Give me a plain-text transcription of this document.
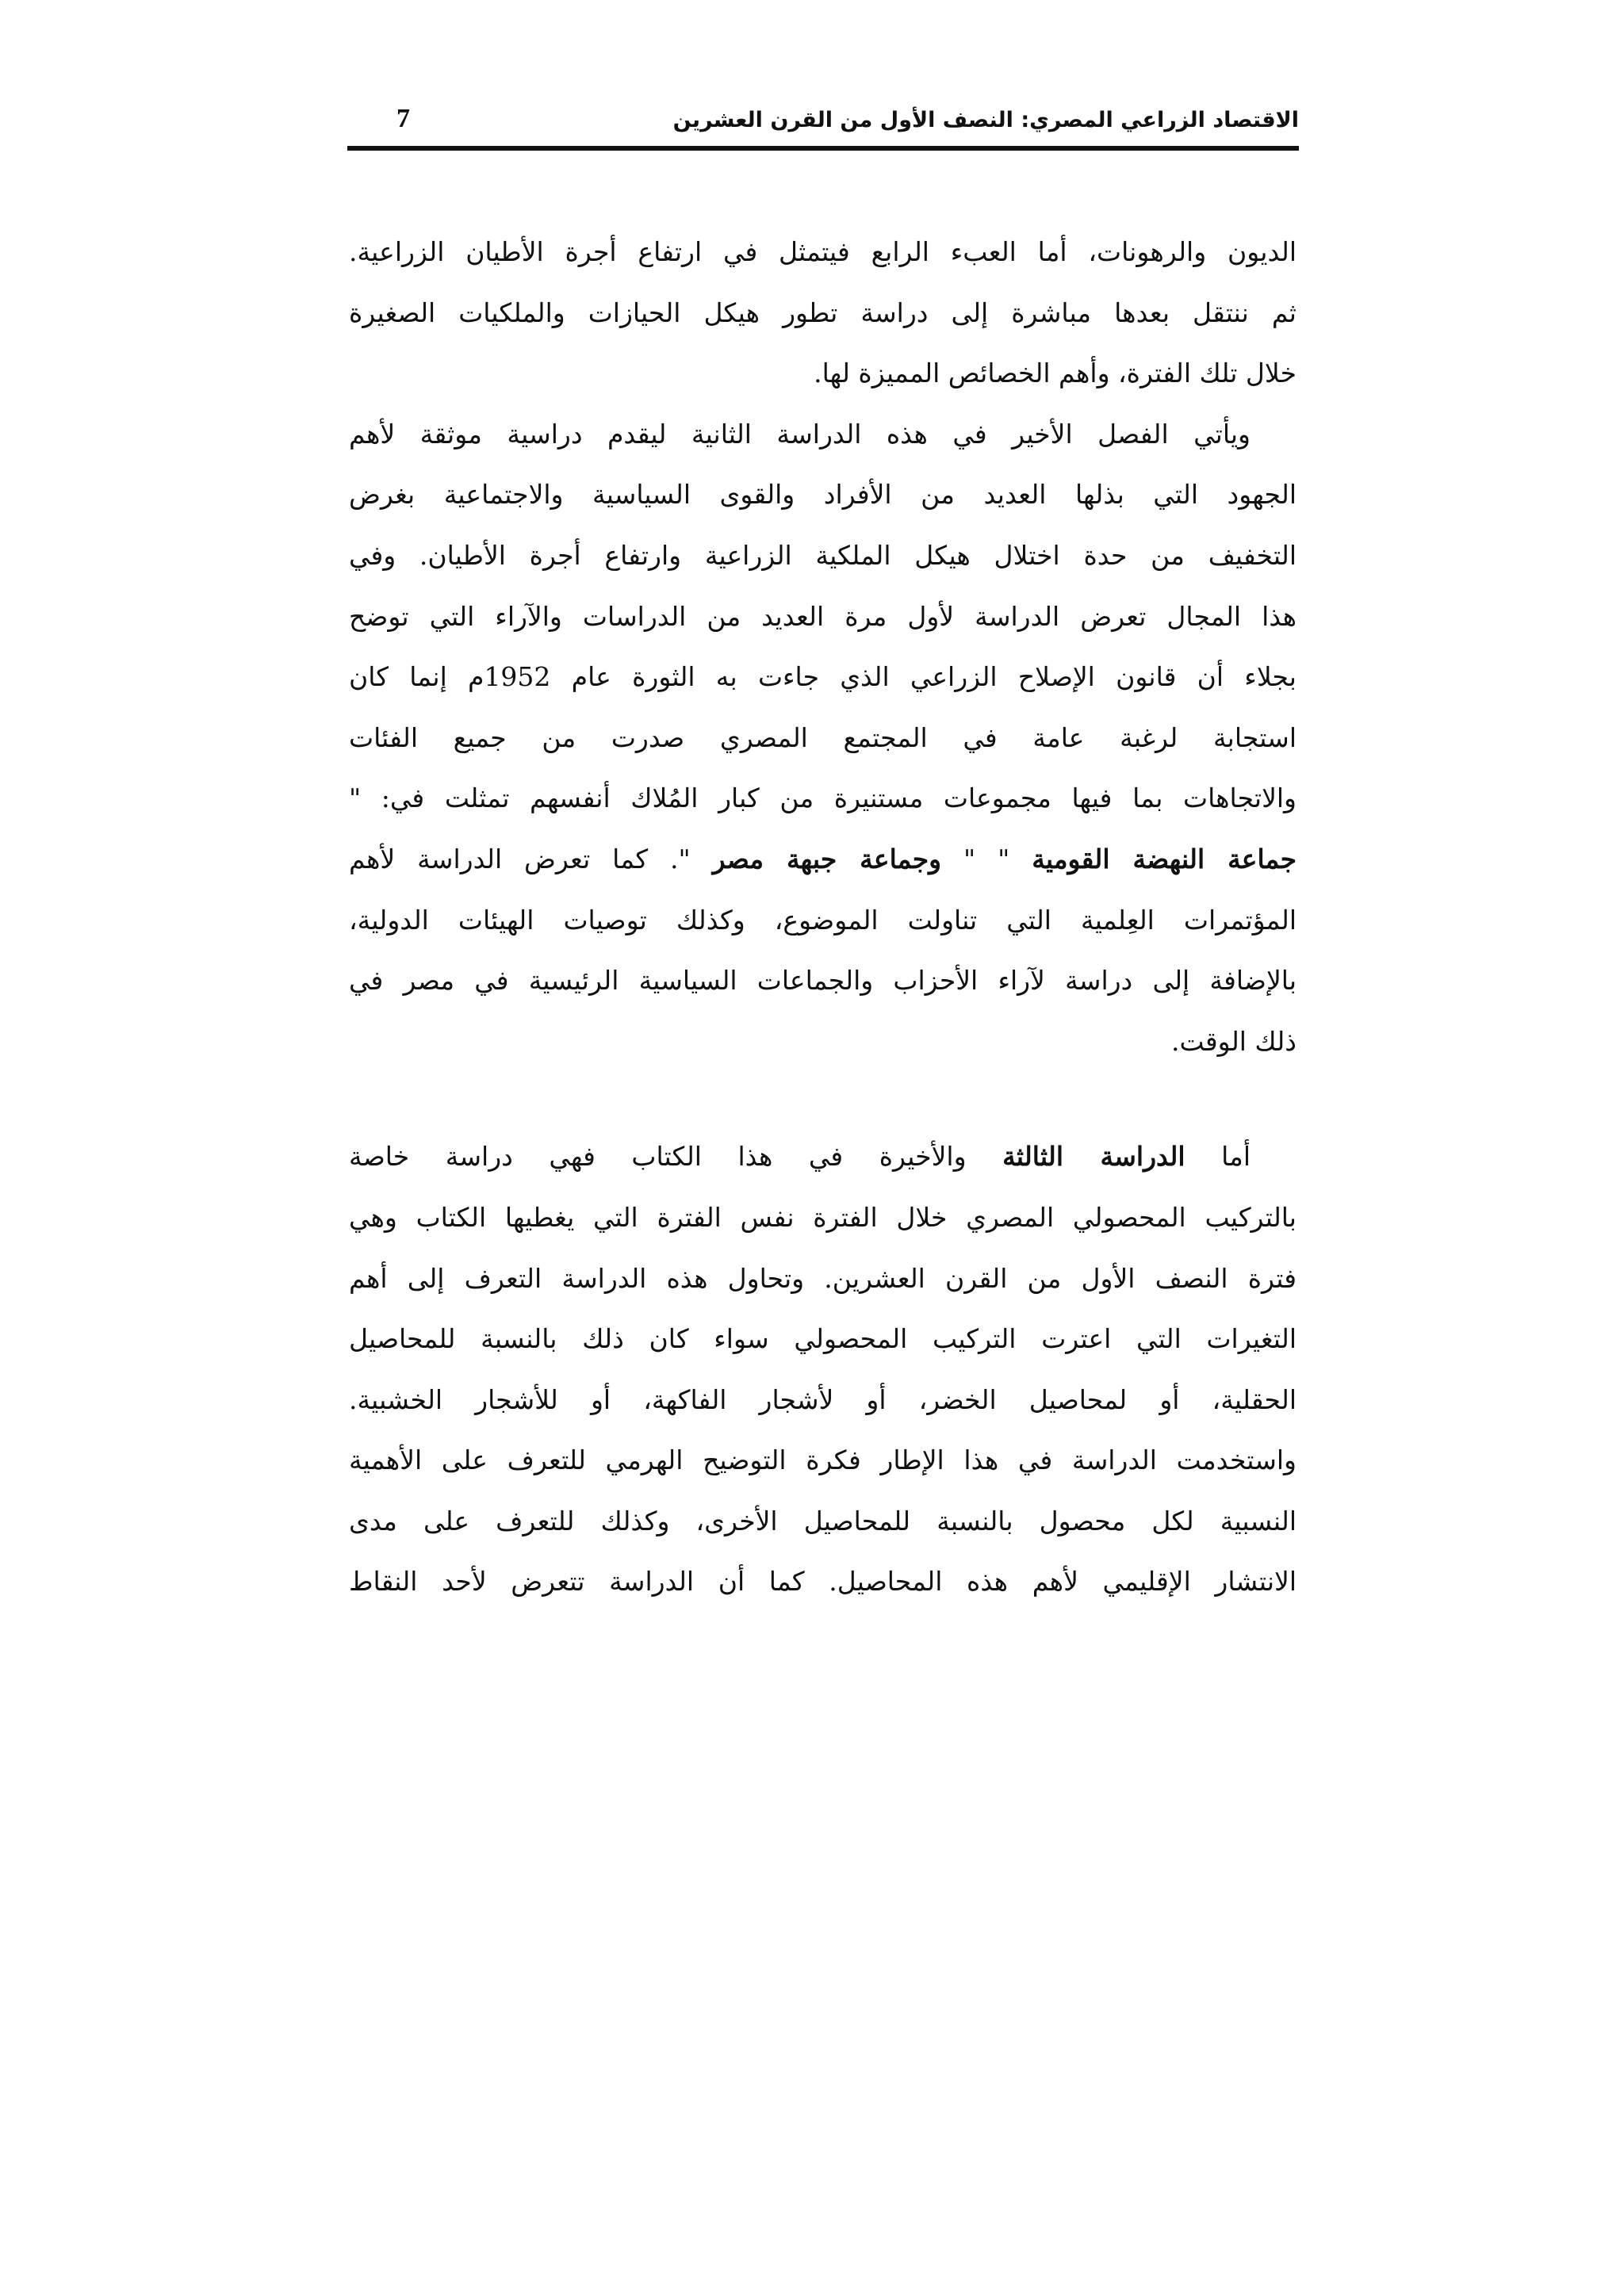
الاقتصاد الزراعي المصري: النصف الأول من القرن العشرين
7
الديون والرهونات، أما العبء الرابع فيتمثل في ارتفاع أجرة الأطيان الزراعية.
ثم ننتقل بعدها مباشرة إلى دراسة تطور هيكل الحيازات والملكيات الصغيرة
خلال تلك الفترة، وأهم الخصائص المميزة لها.
ويأتي الفصل الأخير في هذه الدراسة الثانية ليقدم دراسية موثقة لأهم
الجهود التي بذلها العديد من الأفراد والقوى السياسية والاجتماعية بغرض
التخفيف من حدة اختلال هيكل الملكية الزراعية وارتفاع أجرة الأطيان. وفي
هذا المجال تعرض الدراسة لأول مرة العديد من الدراسات والآراء التي توضح
بجلاء أن قانون الإصلاح الزراعي الذي جاءت به الثورة عام 1952م إنما كان
استجابة لرغبة عامة في المجتمع المصري صدرت من جميع الفئات
والاتجاهات بما فيها مجموعات مستنيرة من كبار المُلاك أنفسهم تمثلت في: "
جماعة النهضة القومية " " وجماعة جبهة مصر ". كما تعرض الدراسة لأهم
المؤتمرات العِلمية التي تناولت الموضوع، وكذلك توصيات الهيئات الدولية،
بالإضافة إلى دراسة لآراء الأحزاب والجماعات السياسية الرئيسية في مصر في
ذلك الوقت.
أما الدراسة الثالثة والأخيرة في هذا الكتاب فهي دراسة خاصة
بالتركيب المحصولي المصري خلال الفترة نفس الفترة التي يغطيها الكتاب وهي
فترة النصف الأول من القرن العشرين. وتحاول هذه الدراسة التعرف إلى أهم
التغيرات التي اعترت التركيب المحصولي سواء كان ذلك بالنسبة للمحاصيل
الحقلية، أو لمحاصيل الخضر، أو لأشجار الفاكهة، أو للأشجار الخشبية.
واستخدمت الدراسة في هذا الإطار فكرة التوضيح الهرمي للتعرف على الأهمية
النسبية لكل محصول بالنسبة للمحاصيل الأخرى، وكذلك للتعرف على مدى
الانتشار الإقليمي لأهم هذه المحاصيل. كما أن الدراسة تتعرض لأحد النقاط
